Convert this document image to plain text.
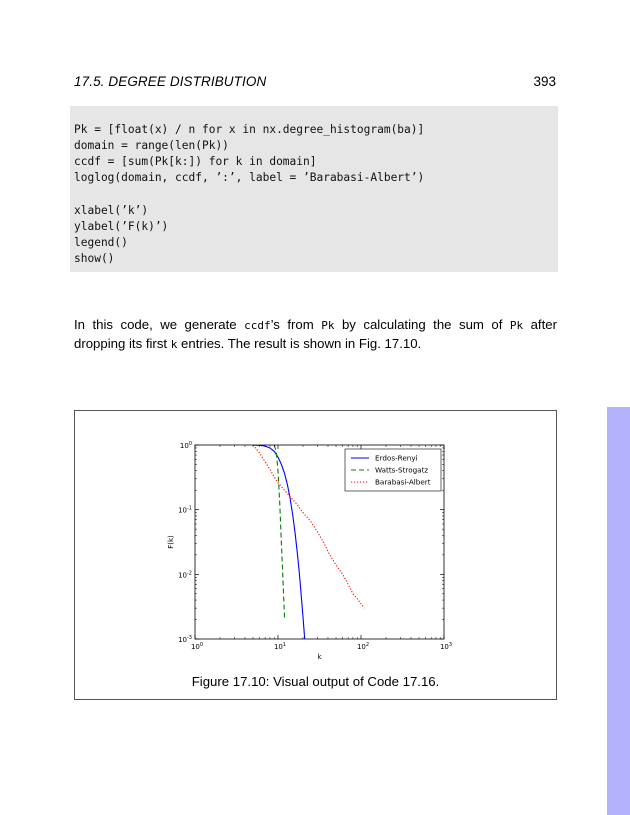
17.5. DEGREE DISTRIBUTION	393
Pk = [float(x) / n for x in nx.degree_histogram(ba)]
domain = range(len(Pk))
ccdf = [sum(Pk[k:]) for k in domain]
loglog(domain, ccdf, ’:’, label = ’Barabasi-Albert’)
xlabel(’k’)
ylabel(’F(k)’)
legend()
show()

In this code, we generate ccdf’s from Pk by calculating the sum of Pk after dropping its first k entries. The result is shown in Fig. 17.10.

$10^0$	$10^1$	$10^2$	$10^3$
$10^{-3}$
$10^{-2}$
$10^{-1}$
$10^0$
k
F(k)
Erdos-Renyi
Watts-Strogatz
Barabasi-Albert
Figure 17.10: Visual output of Code 17.16.
